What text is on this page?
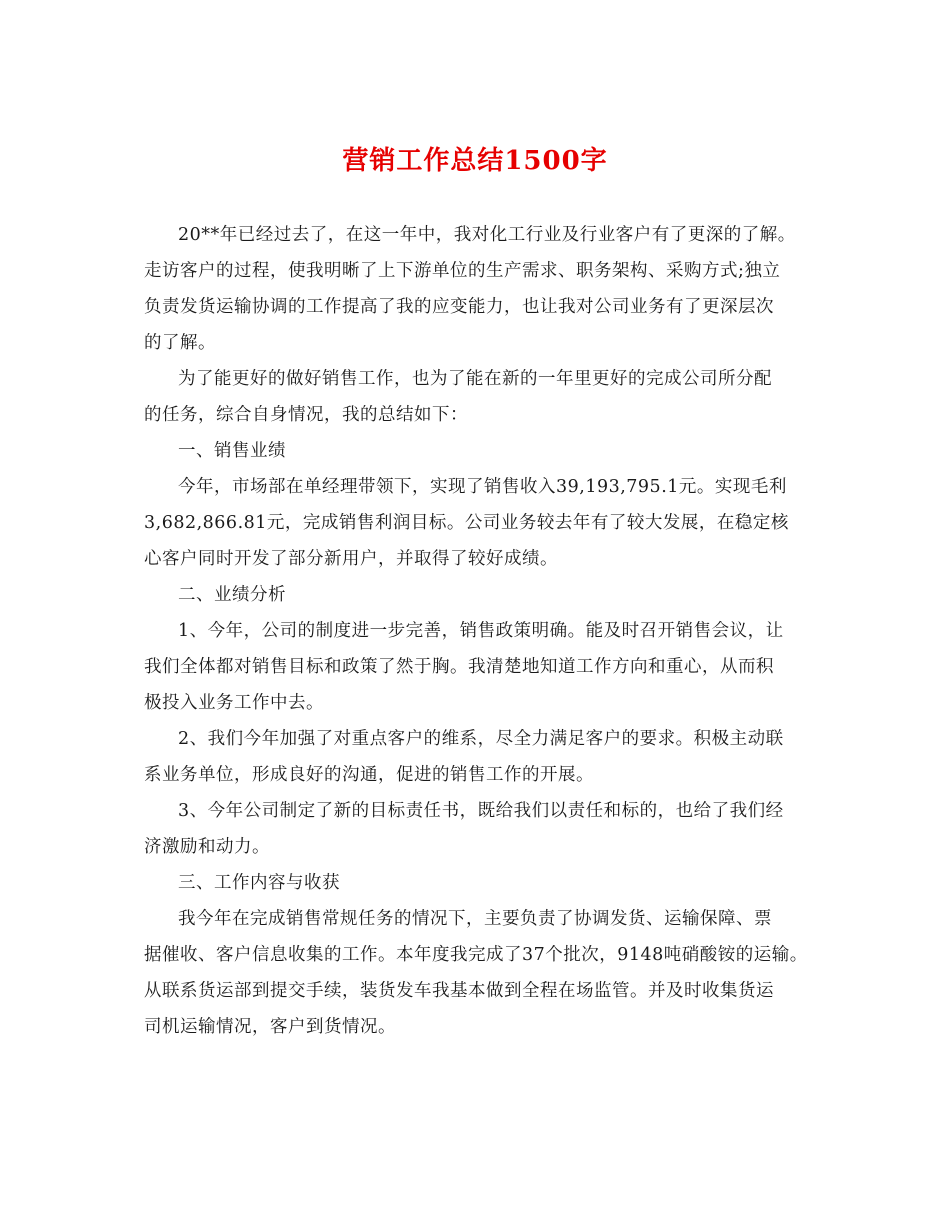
营销工作总结1500字
20**年已经过去了，在这一年中，我对化工行业及行业客户有了更深的了解。
走访客户的过程，使我明晰了上下游单位的生产需求、职务架构、采购方式;独立
负责发货运输协调的工作提高了我的应变能力，也让我对公司业务有了更深层次
的了解。
为了能更好的做好销售工作，也为了能在新的一年里更好的完成公司所分配
的任务，综合自身情况，我的总结如下：
一、销售业绩
今年，市场部在单经理带领下，实现了销售收入39,193,795.1元。实现毛利
3,682,866.81元，完成销售利润目标。公司业务较去年有了较大发展，在稳定核
心客户同时开发了部分新用户，并取得了较好成绩。
二、业绩分析
1、今年，公司的制度进一步完善，销售政策明确。能及时召开销售会议，让
我们全体都对销售目标和政策了然于胸。我清楚地知道工作方向和重心，从而积
极投入业务工作中去。
2、我们今年加强了对重点客户的维系，尽全力满足客户的要求。积极主动联
系业务单位，形成良好的沟通，促进的销售工作的开展。
3、今年公司制定了新的目标责任书，既给我们以责任和标的，也给了我们经
济激励和动力。
三、工作内容与收获
我今年在完成销售常规任务的情况下，主要负责了协调发货、运输保障、票
据催收、客户信息收集的工作。本年度我完成了37个批次，9148吨硝酸铵的运输。
从联系货运部到提交手续，装货发车我基本做到全程在场监管。并及时收集货运
司机运输情况，客户到货情况。
